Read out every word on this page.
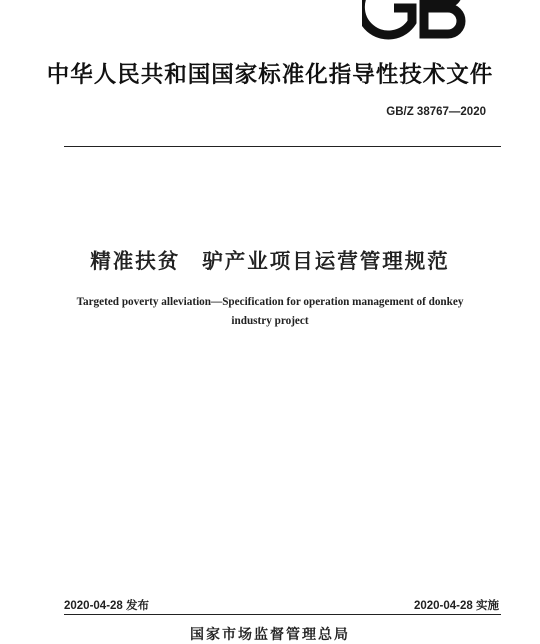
中华人民共和国国家标准化指导性技术文件
GB/Z 38767—2020
精准扶贫 驴产业项目运营管理规范
Targeted poverty alleviation—Specification for operation management of donkey
industry project
2020-04-28 发布	2020-04-28 实施
国家市场监督管理总局
